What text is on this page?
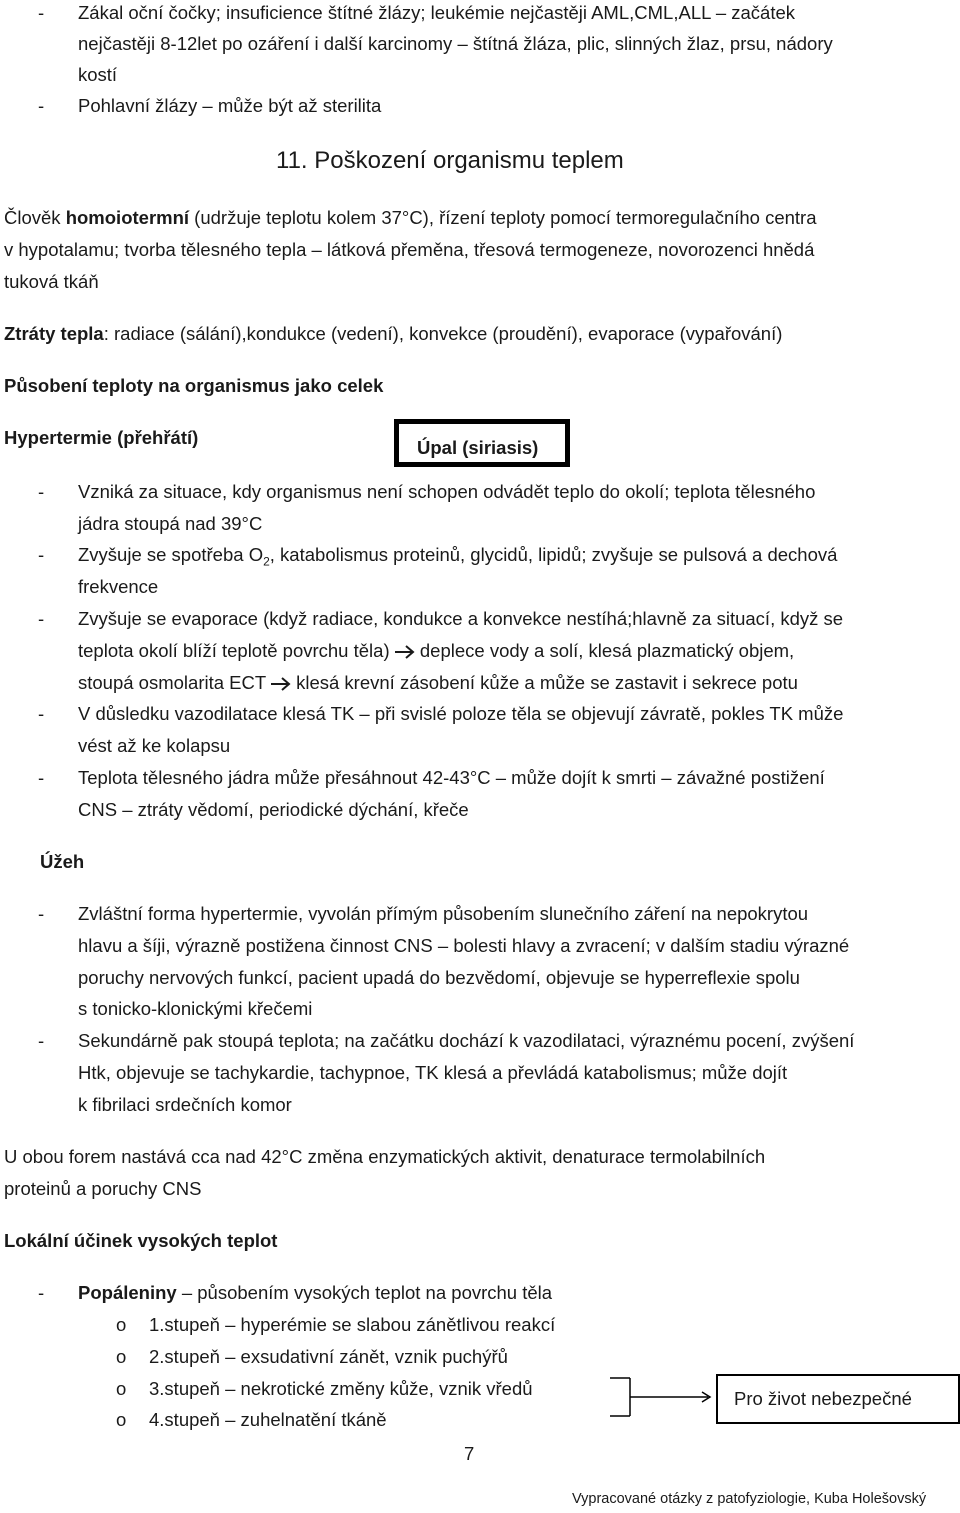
- Zákal oční čočky; insuficience štítné žlázy; leukémie nejčastěji AML,CML,ALL – začátek
nejčastěji 8-12let po ozáření i další karcinomy – štítná žláza, plic, slinných žlaz, prsu, nádory
kostí
- Pohlavní žlázy – může být až sterilita
11. Poškození organismu teplem
Člověk homoiotermní (udržuje teplotu kolem 37°C), řízení teploty pomocí termoregulačního centra
v hypotalamu; tvorba tělesného tepla – látková přeměna, třesová termogeneze, novorozenci hnědá
tuková tkáň
Ztráty tepla: radiace (sálání),kondukce (vedení), konvekce (proudění), evaporace (vypařování)
Působení teploty na organismus jako celek
Hypertermie (přehřátí)	Úpal (siriasis)
- Vzniká za situace, kdy organismus není schopen odvádět teplo do okolí; teplota tělesného
jádra stoupá nad 39°C
- Zvyšuje se spotřeba $O_2$, katabolismus proteinů, glycidů, lipidů; zvyšuje se pulsová a dechová
frekvence
- Zvyšuje se evaporace (když radiace, kondukce a konvekce nestíhá;hlavně za situací, když se
teplota okolí blíží teplotě povrchu těla)  deplece vody a solí, klesá plazmatický objem,
stoupá osmolarita ECT  klesá krevní zásobení kůže a může se zastavit i sekrece potu
- V důsledku vazodilatace klesá TK – při svislé poloze těla se objevují závratě, pokles TK může
vést až ke kolapsu
- Teplota tělesného jádra může přesáhnout 42-43°C – může dojít k smrti – závažné postižení
CNS – ztráty vědomí, periodické dýchání, křeče
Úžeh
- Zvláštní forma hypertermie, vyvolán přímým působením slunečního záření na nepokrytou
hlavu a šíji, výrazně postižena činnost CNS – bolesti hlavy a zvracení; v dalším stadiu výrazné
poruchy nervových funkcí, pacient upadá do bezvědomí, objevuje se hyperreflexie spolu
s tonicko-klonickými křečemi
- Sekundárně pak stoupá teplota; na začátku dochází k vazodilataci, výraznému pocení, zvýšení
Htk, objevuje se tachykardie, tachypnoe, TK klesá a převládá katabolismus; může dojít
k fibrilaci srdečních komor
U obou forem nastává cca nad 42°C změna enzymatických aktivit, denaturace termolabilních
proteinů a poruchy CNS
Lokální účinek vysokých teplot
- Popáleniny – působením vysokých teplot na povrchu těla
o 1.stupeň – hyperémie se slabou zánětlivou reakcí
o 2.stupeň – exsudativní zánět, vznik puchýřů
o 3.stupeň – nekrotické změny kůže, vznik vředů
o 4.stupeň – zuhelnatění tkáně
Pro život nebezpečné
7
Vypracované otázky z patofyziologie, Kuba Holešovský
